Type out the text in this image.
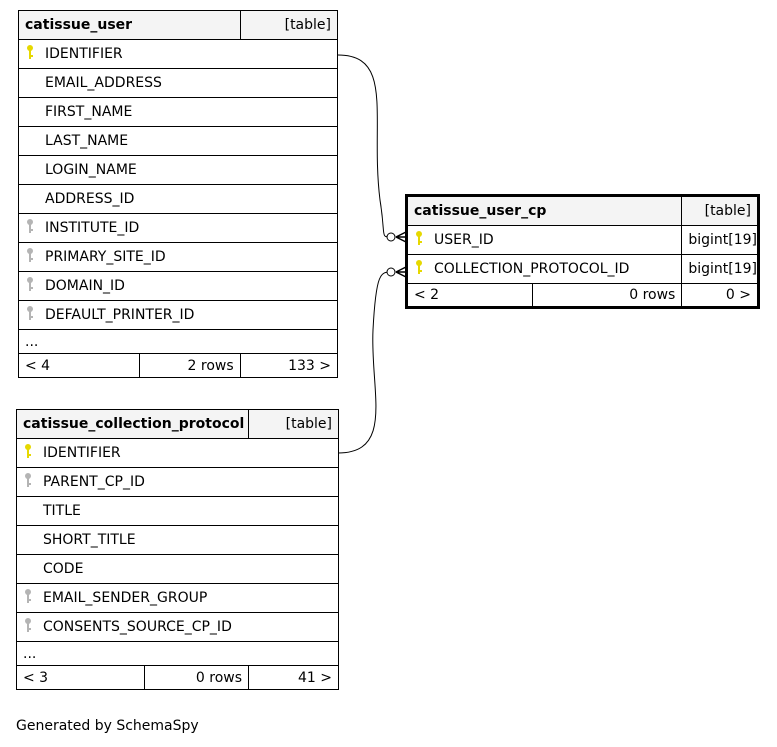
catissue_user		[table]

IDENTIFIER		

EMAIL_ADDRESS		

FIRST_NAME		

LAST_NAME		

LOGIN_NAME		

ADDRESS_ID		

INSTITUTE_ID		

PRIMARY_SITE_ID		

DOMAIN_ID		

DEFAULT_PRINTER_ID		

...		
< 4	2 rows	133 >
catissue_user_cp		[table]

USER_ID		bigint[19]

COLLECTION_PROTOCOL_ID		bigint[19]
< 2	0 rows	0 >
catissue_collection_protocol		[table]

IDENTIFIER		

PARENT_CP_ID		

TITLE		

SHORT_TITLE		

CODE		

EMAIL_SENDER_GROUP		

CONSENTS_SOURCE_CP_ID		

...		
< 3	0 rows	41 >
Generated by SchemaSpy
